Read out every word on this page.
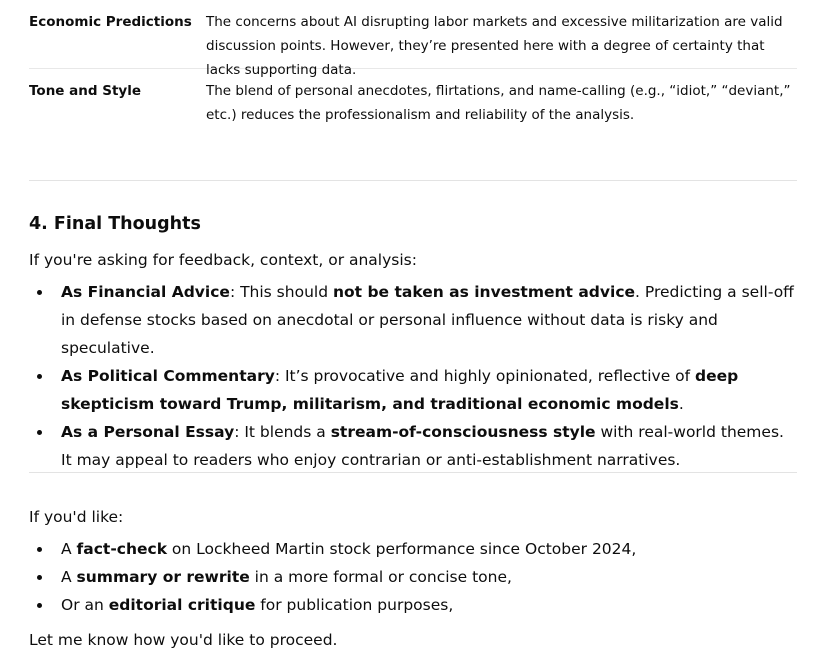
Economic Predictions	The concerns about AI disrupting labor markets and excessive militarization are valid discussion points. However, they’re presented here with a degree of certainty that lacks supporting data.
Tone and Style	The blend of personal anecdotes, flirtations, and name-calling (e.g., “idiot,” “deviant,” etc.) reduces the professionalism and reliability of the analysis.
4. Final Thoughts

If you're asking for feedback, context, or analysis:

As Financial Advice: This should not be taken as investment advice. Predicting a sell-off in defense stocks based on anecdotal or personal influence without data is risky and speculative.
As Political Commentary: It’s provocative and highly opinionated, reflective of deep skepticism toward Trump, militarism, and traditional economic models.
As a Personal Essay: It blends a stream-of-consciousness style with real-world themes. It may appeal to readers who enjoy contrarian or anti-establishment narratives.

If you'd like:

A fact-check on Lockheed Martin stock performance since October 2024,
A summary or rewrite in a more formal or concise tone,
Or an editorial critique for publication purposes,

Let me know how you'd like to proceed.
